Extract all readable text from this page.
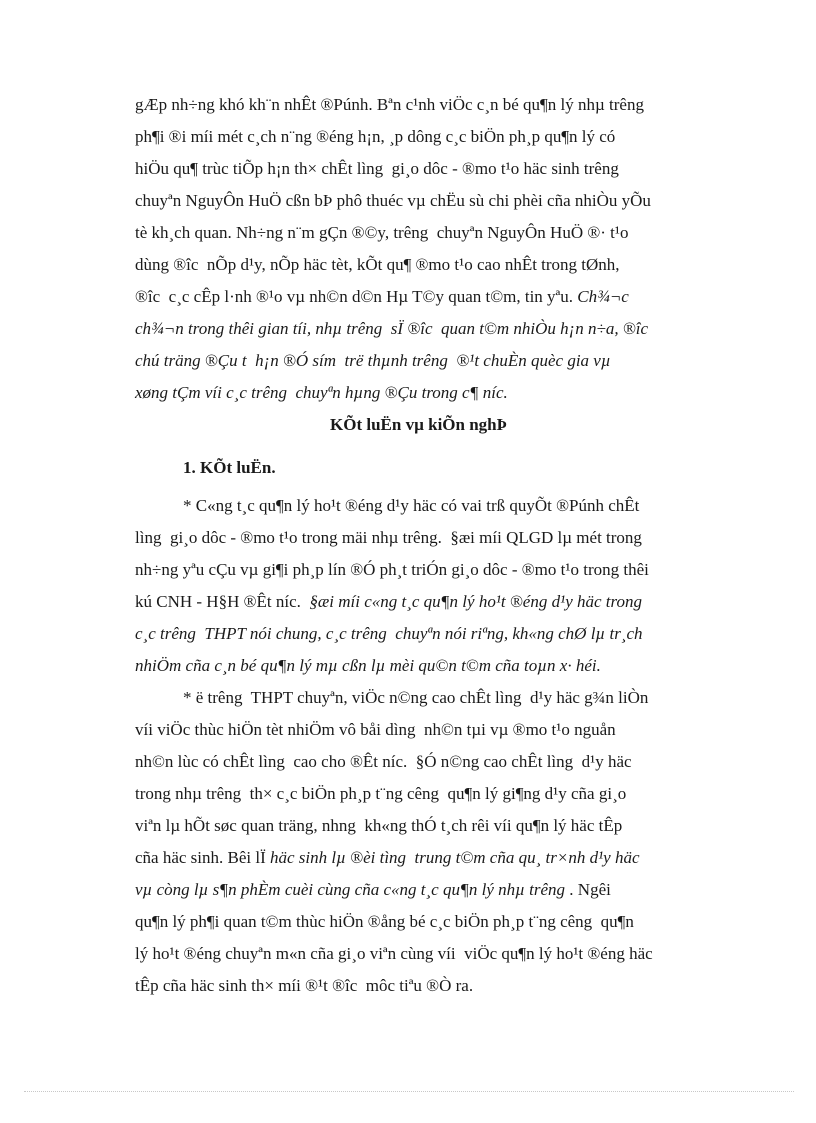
gÆp nh÷ng khó kh¨n nhÊt ®Púnh. Bªn c¹nh viÖc c¸n bé qu¶n lý nhµ trêng
ph¶i ®i míi mét c¸ch n¨ng ®éng h¡n, ¸p dông c¸c biÖn ph¸p qu¶n lý có
hiÖu qu¶ trùc tiÕp h¡n th× chÊt lìng  gi¸o dôc - ®mo t¹o häc sinh trêng
chuyªn NguyÔn HuÖ cßn bÞ phô thuéc vµ chËu sù chi phèi cña nhiÒu yÕu
tè kh¸ch quan. Nh÷ng n¨m gÇn ®©y, trêng  chuyªn NguyÔn HuÖ ®· t¹o
dùng ®îc  nÕp d¹y, nÕp häc tèt, kÕt qu¶ ®mo t¹o cao nhÊt trong tØnh,
®îc  c¸c cÊp l·nh ®¹o vµ nh©n d©n Hµ T©y quan t©m, tin yªu. Ch¾¬c
ch¾¬n trong thêi gian tíi, nhµ trêng  sÏ ®îc  quan t©m nhiÒu h¡n n÷a, ®îc
chú träng ®Çu t  h¡n ®Ó sím  trë thµnh trêng  ®¹t chuÈn quèc gia vµ
xøng tÇm víi c¸c trêng  chuyªn hµng ®Çu trong c¶ níc.
KÕt luËn vµ kiÕn nghÞ
1. KÕt luËn.
* C«ng t¸c qu¶n lý ho¹t ®éng d¹y häc có vai trß quyÕt ®Púnh chÊt
lìng  gi¸o dôc - ®mo t¹o trong mäi nhµ trêng.  §æi míi QLGD lµ mét trong
nh÷ng yªu cÇu vµ gi¶i ph¸p lín ®Ó ph¸t triÓn gi¸o dôc - ®mo t¹o trong thêi
kú CNH - H§H ®Êt níc. §æi míi c«ng t¸c qu¶n lý ho¹t ®éng d¹y häc trong
c¸c trêng  THPT nói chung, c¸c trêng  chuyªn nói riªng, kh«ng chØ lµ tr¸ch
nhiÖm cña c¸n bé qu¶n lý mµ cßn lµ mèi qu©n t©m cña toµn x· héi.
* ë trêng  THPT chuyªn, viÖc n©ng cao chÊt lìng  d¹y häc g¾n liÒn
víi viÖc thùc hiÖn tèt nhiÖm vô båi dìng  nh©n tµi vµ ®mo t¹o nguån
nh©n lùc có chÊt lìng  cao cho ®Êt níc.  §Ó n©ng cao chÊt lìng  d¹y häc
trong nhµ trêng  th× c¸c biÖn ph¸p t¨ng cêng  qu¶n lý gi¶ng d¹y cña gi¸o
viªn lµ hÕt søc quan träng, nhng  kh«ng thÓ t¸ch rêi víi qu¶n lý häc tÊp
cña häc sinh. Bêi lÏ häc sinh lµ ®èi tìng  trung t©m cña qu¸ tr×nh d¹y häc
vµ còng lµ s¶n phÈm cuèi cùng cña c«ng t¸c qu¶n lý nhµ trêng . Ngêi
qu¶n lý ph¶i quan t©m thùc hiÖn ®ång bé c¸c biÖn ph¸p t¨ng cêng  qu¶n
lý ho¹t ®éng chuyªn m«n cña gi¸o viªn cùng víi  viÖc qu¶n lý ho¹t ®éng häc
tÊp cña häc sinh th× míi ®¹t ®îc  môc tiªu ®Ò ra.
